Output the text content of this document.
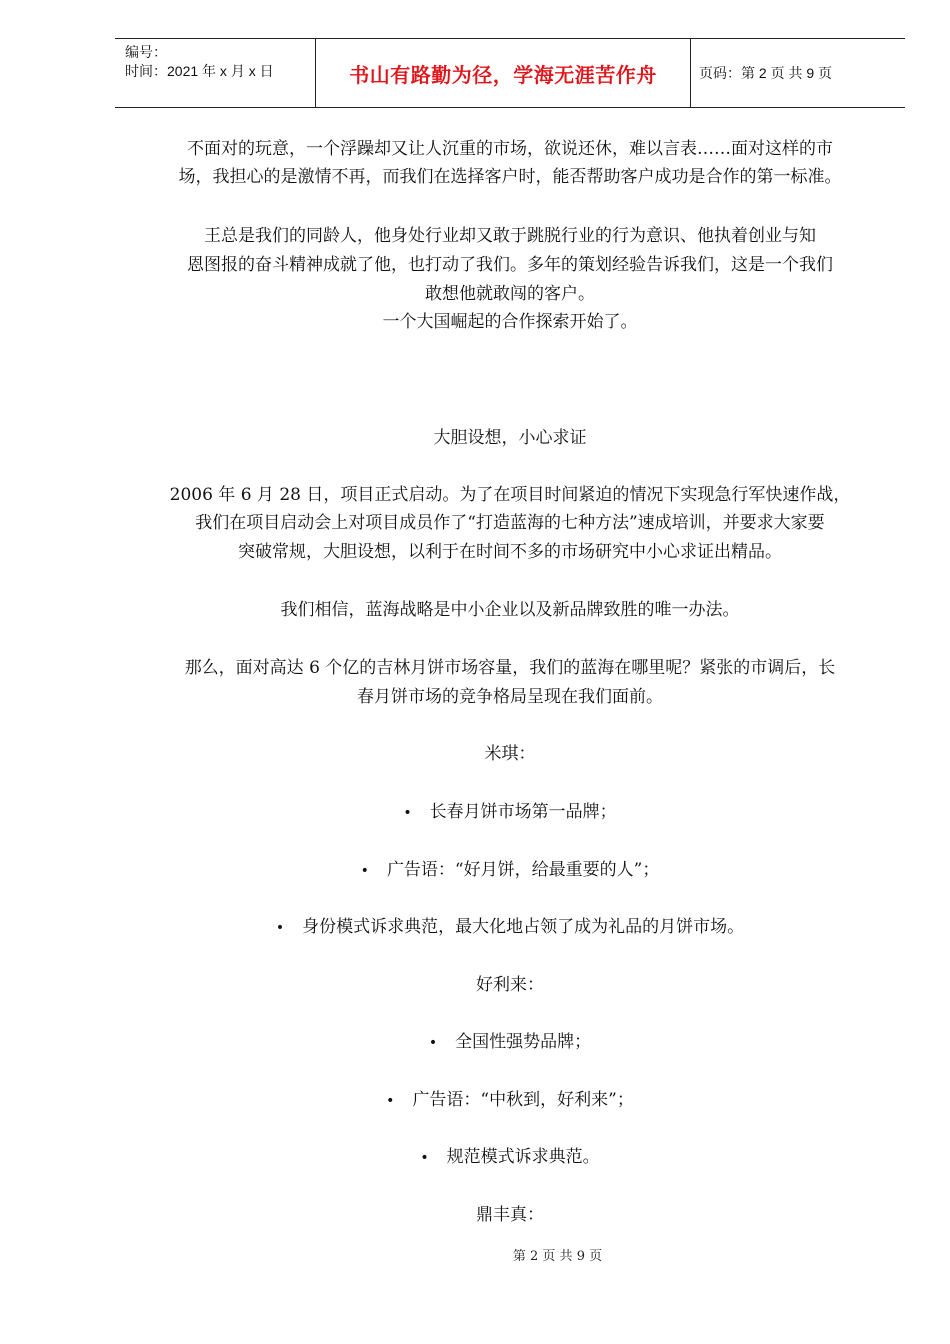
编号：
时间：2021 年 x 月 x 日	书山有路勤为径，学海无涯苦作舟	页码：第 2 页 共 9 页
不面对的玩意，一个浮躁却又让人沉重的市场，欲说还休，难以言表……面对这样的市
场，我担心的是激情不再，而我们在选择客户时，能否帮助客户成功是合作的第一标准。
王总是我们的同龄人，他身处行业却又敢于跳脱行业的行为意识、他执着创业与知
恩图报的奋斗精神成就了他，也打动了我们。多年的策划经验告诉我们，这是一个我们
敢想他就敢闯的客户。
一个大国崛起的合作探索开始了。
大胆设想，小心求证
2006 年 6 月 28 日，项目正式启动。为了在项目时间紧迫的情况下实现急行军快速作战，
我们在项目启动会上对项目成员作了“打造蓝海的七种方法”速成培训，并要求大家要
突破常规，大胆设想，以利于在时间不多的市场研究中小心求证出精品。
我们相信，蓝海战略是中小企业以及新品牌致胜的唯一办法。
那么，面对高达 6 个亿的吉林月饼市场容量，我们的蓝海在哪里呢？紧张的市调后，长
春月饼市场的竞争格局呈现在我们面前。
米琪：
• 长春月饼市场第一品牌；
• 广告语：“好月饼，给最重要的人”；
• 身份模式诉求典范，最大化地占领了成为礼品的月饼市场。
好利来：
• 全国性强势品牌；
• 广告语：“中秋到，好利来”；
• 规范模式诉求典范。
鼎丰真：
第 2 页 共 9 页
